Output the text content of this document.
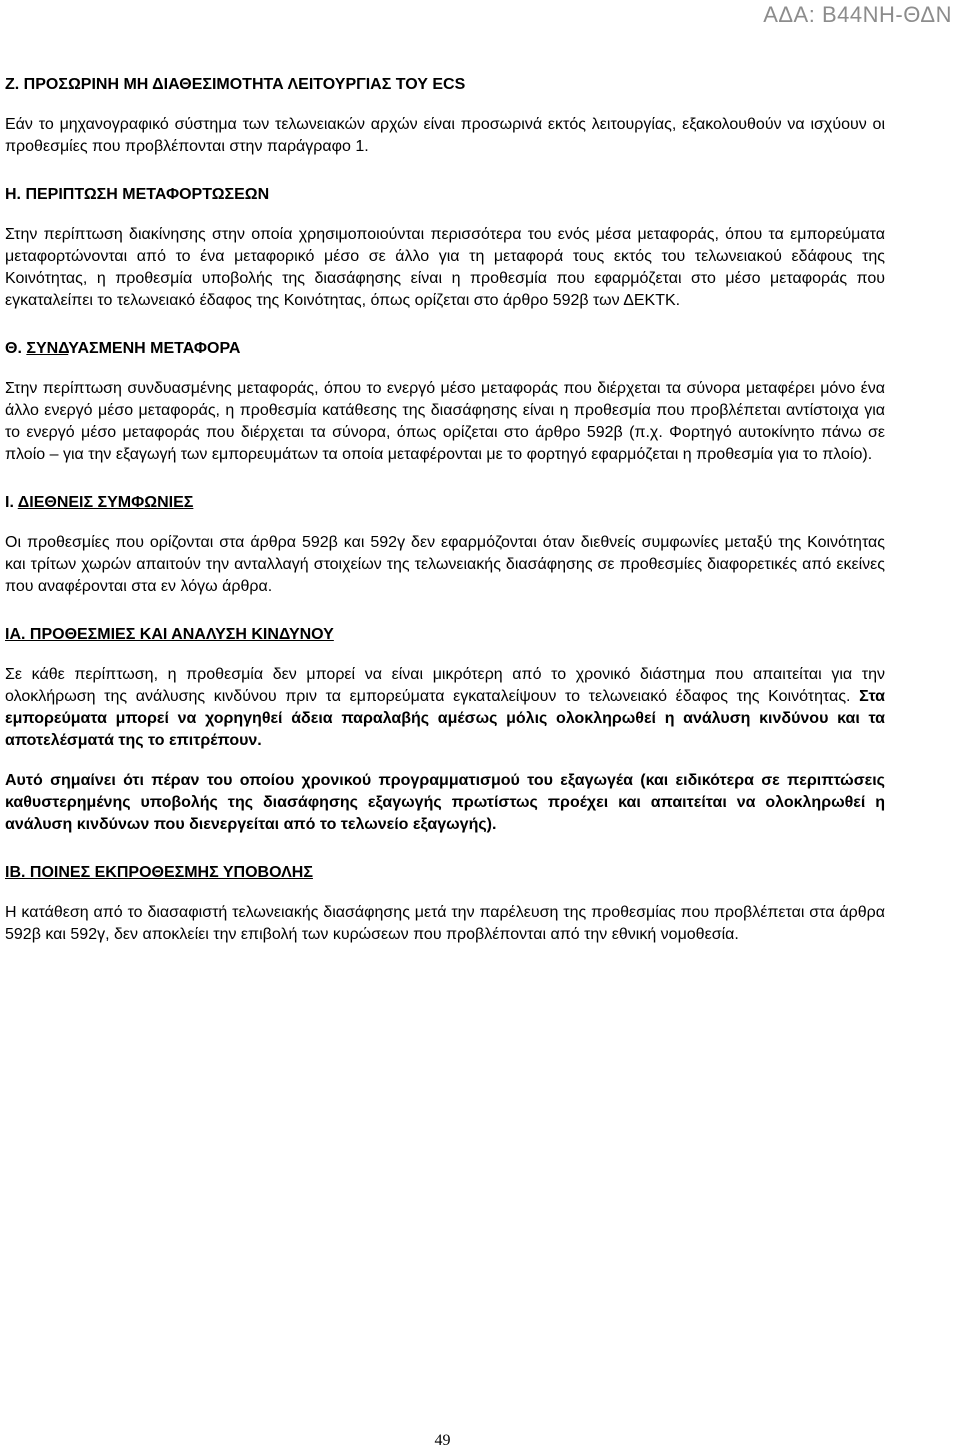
ΑΔΑ: Β44ΝΗ-ΘΔΝ
Ζ. ΠΡΟΣΩΡΙΝΗ ΜΗ ΔΙΑΘΕΣΙΜΟΤΗΤΑ ΛΕΙΤΟΥΡΓΙΑΣ ΤΟΥ ECS

Εάν το μηχανογραφικό σύστημα των τελωνειακών αρχών είναι προσωρινά εκτός λειτουργίας, εξακολουθούν να ισχύουν οι προθεσμίες που προβλέπονται στην παράγραφο 1.

Η. ΠΕΡΙΠΤΩΣΗ ΜΕΤΑΦΟΡΤΩΣΕΩΝ

Στην περίπτωση διακίνησης στην οποία χρησιμοποιούνται περισσότερα του ενός μέσα μεταφοράς, όπου τα εμπορεύματα μεταφορτώνονται από το ένα μεταφορικό μέσο σε άλλο για τη μεταφορά τους εκτός του τελωνειακού εδάφους της Κοινότητας, η προθεσμία υποβολής της διασάφησης είναι η προθεσμία που εφαρμόζεται στο μέσο μεταφοράς που εγκαταλείπει το τελωνειακό έδαφος της Κοινότητας, όπως ορίζεται στο άρθρο 592β των ΔΕΚΤΚ.

Θ. ΣΥΝΔΥΑΣΜΕΝΗ ΜΕΤΑΦΟΡΑ

Στην περίπτωση συνδυασμένης μεταφοράς, όπου το ενεργό μέσο μεταφοράς που διέρχεται τα σύνορα μεταφέρει μόνο ένα άλλο ενεργό μέσο μεταφοράς, η προθεσμία κατάθεσης της διασάφησης είναι η προθεσμία που προβλέπεται αντίστοιχα για το ενεργό μέσο μεταφοράς που διέρχεται τα σύνορα, όπως ορίζεται στο άρθρο 592β (π.χ. Φορτηγό αυτοκίνητο πάνω σε πλοίο – για την εξαγωγή των εμπορευμάτων τα οποία μεταφέρονται με το φορτηγό εφαρμόζεται η προθεσμία για το πλοίο).

Ι. ΔΙΕΘΝΕΙΣ ΣΥΜΦΩΝΙΕΣ

Οι προθεσμίες που ορίζονται στα άρθρα 592β και 592γ δεν εφαρμόζονται όταν διεθνείς συμφωνίες μεταξύ της Κοινότητας και τρίτων χωρών απαιτούν την ανταλλαγή στοιχείων της τελωνειακής διασάφησης σε προθεσμίες διαφορετικές από εκείνες που αναφέρονται στα εν λόγω άρθρα.

ΙΑ. ΠΡΟΘΕΣΜΙΕΣ ΚΑΙ ΑΝΑΛΥΣΗ ΚΙΝΔΥΝΟΥ

Σε κάθε περίπτωση, η προθεσμία δεν μπορεί να είναι μικρότερη από το χρονικό διάστημα που απαιτείται για την ολοκλήρωση της ανάλυσης κινδύνου πριν τα εμπορεύματα εγκαταλείψουν το τελωνειακό έδαφος της Κοινότητας. Στα εμπορεύματα μπορεί να χορηγηθεί άδεια παραλαβής αμέσως μόλις ολοκληρωθεί η ανάλυση κινδύνου και τα αποτελέσματά της το επιτρέπουν.

Αυτό σημαίνει ότι πέραν του οποίου χρονικού προγραμματισμού του εξαγωγέα (και ειδικότερα σε περιπτώσεις καθυστερημένης υποβολής της διασάφησης εξαγωγής πρωτίστως προέχει και απαιτείται να ολοκληρωθεί η ανάλυση κινδύνων που διενεργείται από το τελωνείο εξαγωγής).

ΙΒ. ΠΟΙΝΕΣ ΕΚΠΡΟΘΕΣΜΗΣ ΥΠΟΒΟΛΗΣ

Η κατάθεση από το διασαφιστή τελωνειακής διασάφησης μετά την παρέλευση της προθεσμίας που προβλέπεται στα άρθρα 592β και 592γ, δεν αποκλείει την επιβολή των κυρώσεων που προβλέπονται από την εθνική νομοθεσία.

49
